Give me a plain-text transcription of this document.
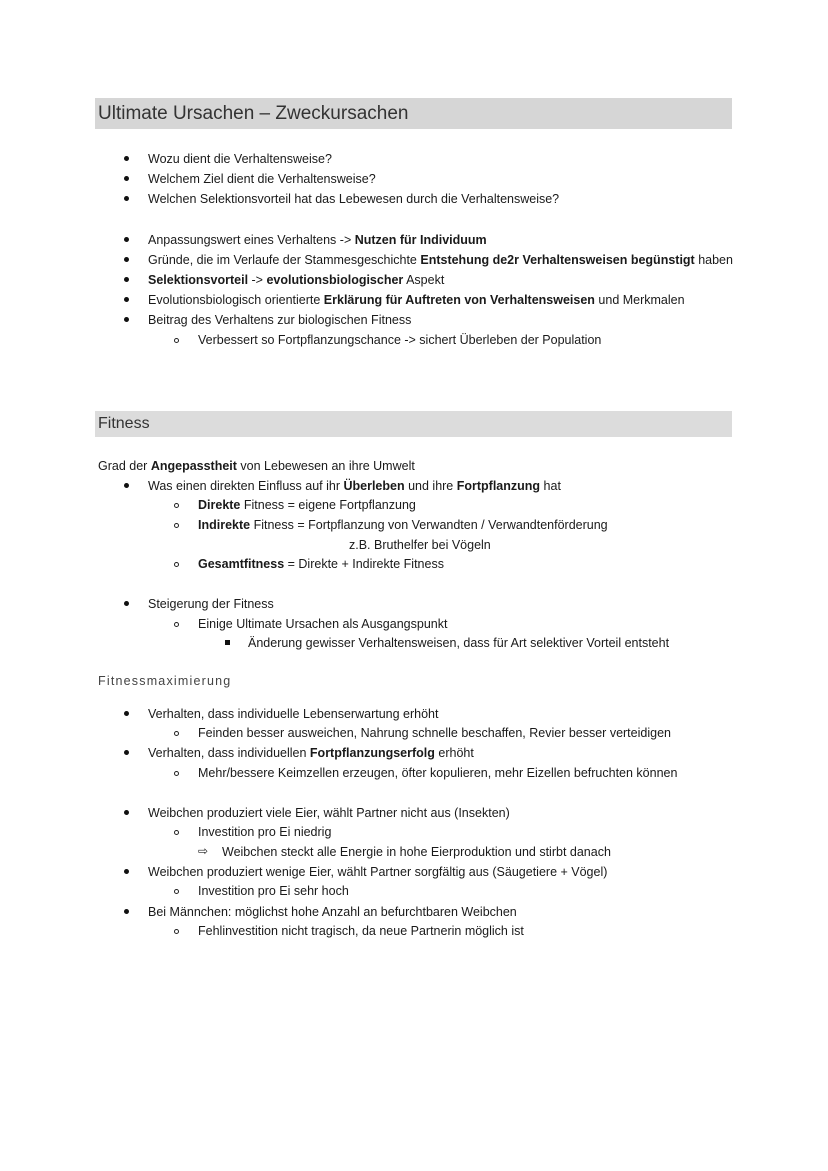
Ultimate Ursachen – Zweckursachen
Wozu dient die Verhaltensweise?
Welchem Ziel dient die Verhaltensweise?
Welchen Selektionsvorteil hat das Lebewesen durch die Verhaltensweise?
Anpassungswert eines Verhaltens -> Nutzen für Individuum
Gründe, die im Verlaufe der Stammesgeschichte Entstehung de2r Verhaltensweisen begünstigt haben
Selektionsvorteil -> evolutionsbiologischer Aspekt
Evolutionsbiologisch orientierte Erklärung für Auftreten von Verhaltensweisen und Merkmalen
Beitrag des Verhaltens zur biologischen Fitness
Verbessert so Fortpflanzungschance -> sichert Überleben der Population
Fitness
Grad der Angepasstheit von Lebewesen an ihre Umwelt
Was einen direkten Einfluss auf ihr Überleben und ihre Fortpflanzung hat
Direkte Fitness = eigene Fortpflanzung
Indirekte Fitness = Fortpflanzung von Verwandten / Verwandtenförderung
z.B. Bruthelfer bei Vögeln
Gesamtfitness = Direkte + Indirekte Fitness
Steigerung der Fitness
Einige Ultimate Ursachen als Ausgangspunkt
Änderung gewisser Verhaltensweisen, dass für Art selektiver Vorteil entsteht
Fitnessmaximierung
Verhalten, dass individuelle Lebenserwartung erhöht
Feinden besser ausweichen, Nahrung schnelle beschaffen, Revier besser verteidigen
Verhalten, dass individuellen Fortpflanzungserfolg erhöht
Mehr/bessere Keimzellen erzeugen, öfter kopulieren, mehr Eizellen befruchten können
Weibchen produziert viele Eier, wählt Partner nicht aus (Insekten)
Investition pro Ei niedrig
⇨ Weibchen steckt alle Energie in hohe Eierproduktion und stirbt danach
Weibchen produziert wenige Eier, wählt Partner sorgfältig aus (Säugetiere + Vögel)
Investition pro Ei sehr hoch
Bei Männchen: möglichst hohe Anzahl an befurchtbaren Weibchen
Fehlinvestition nicht tragisch, da neue Partnerin möglich ist
